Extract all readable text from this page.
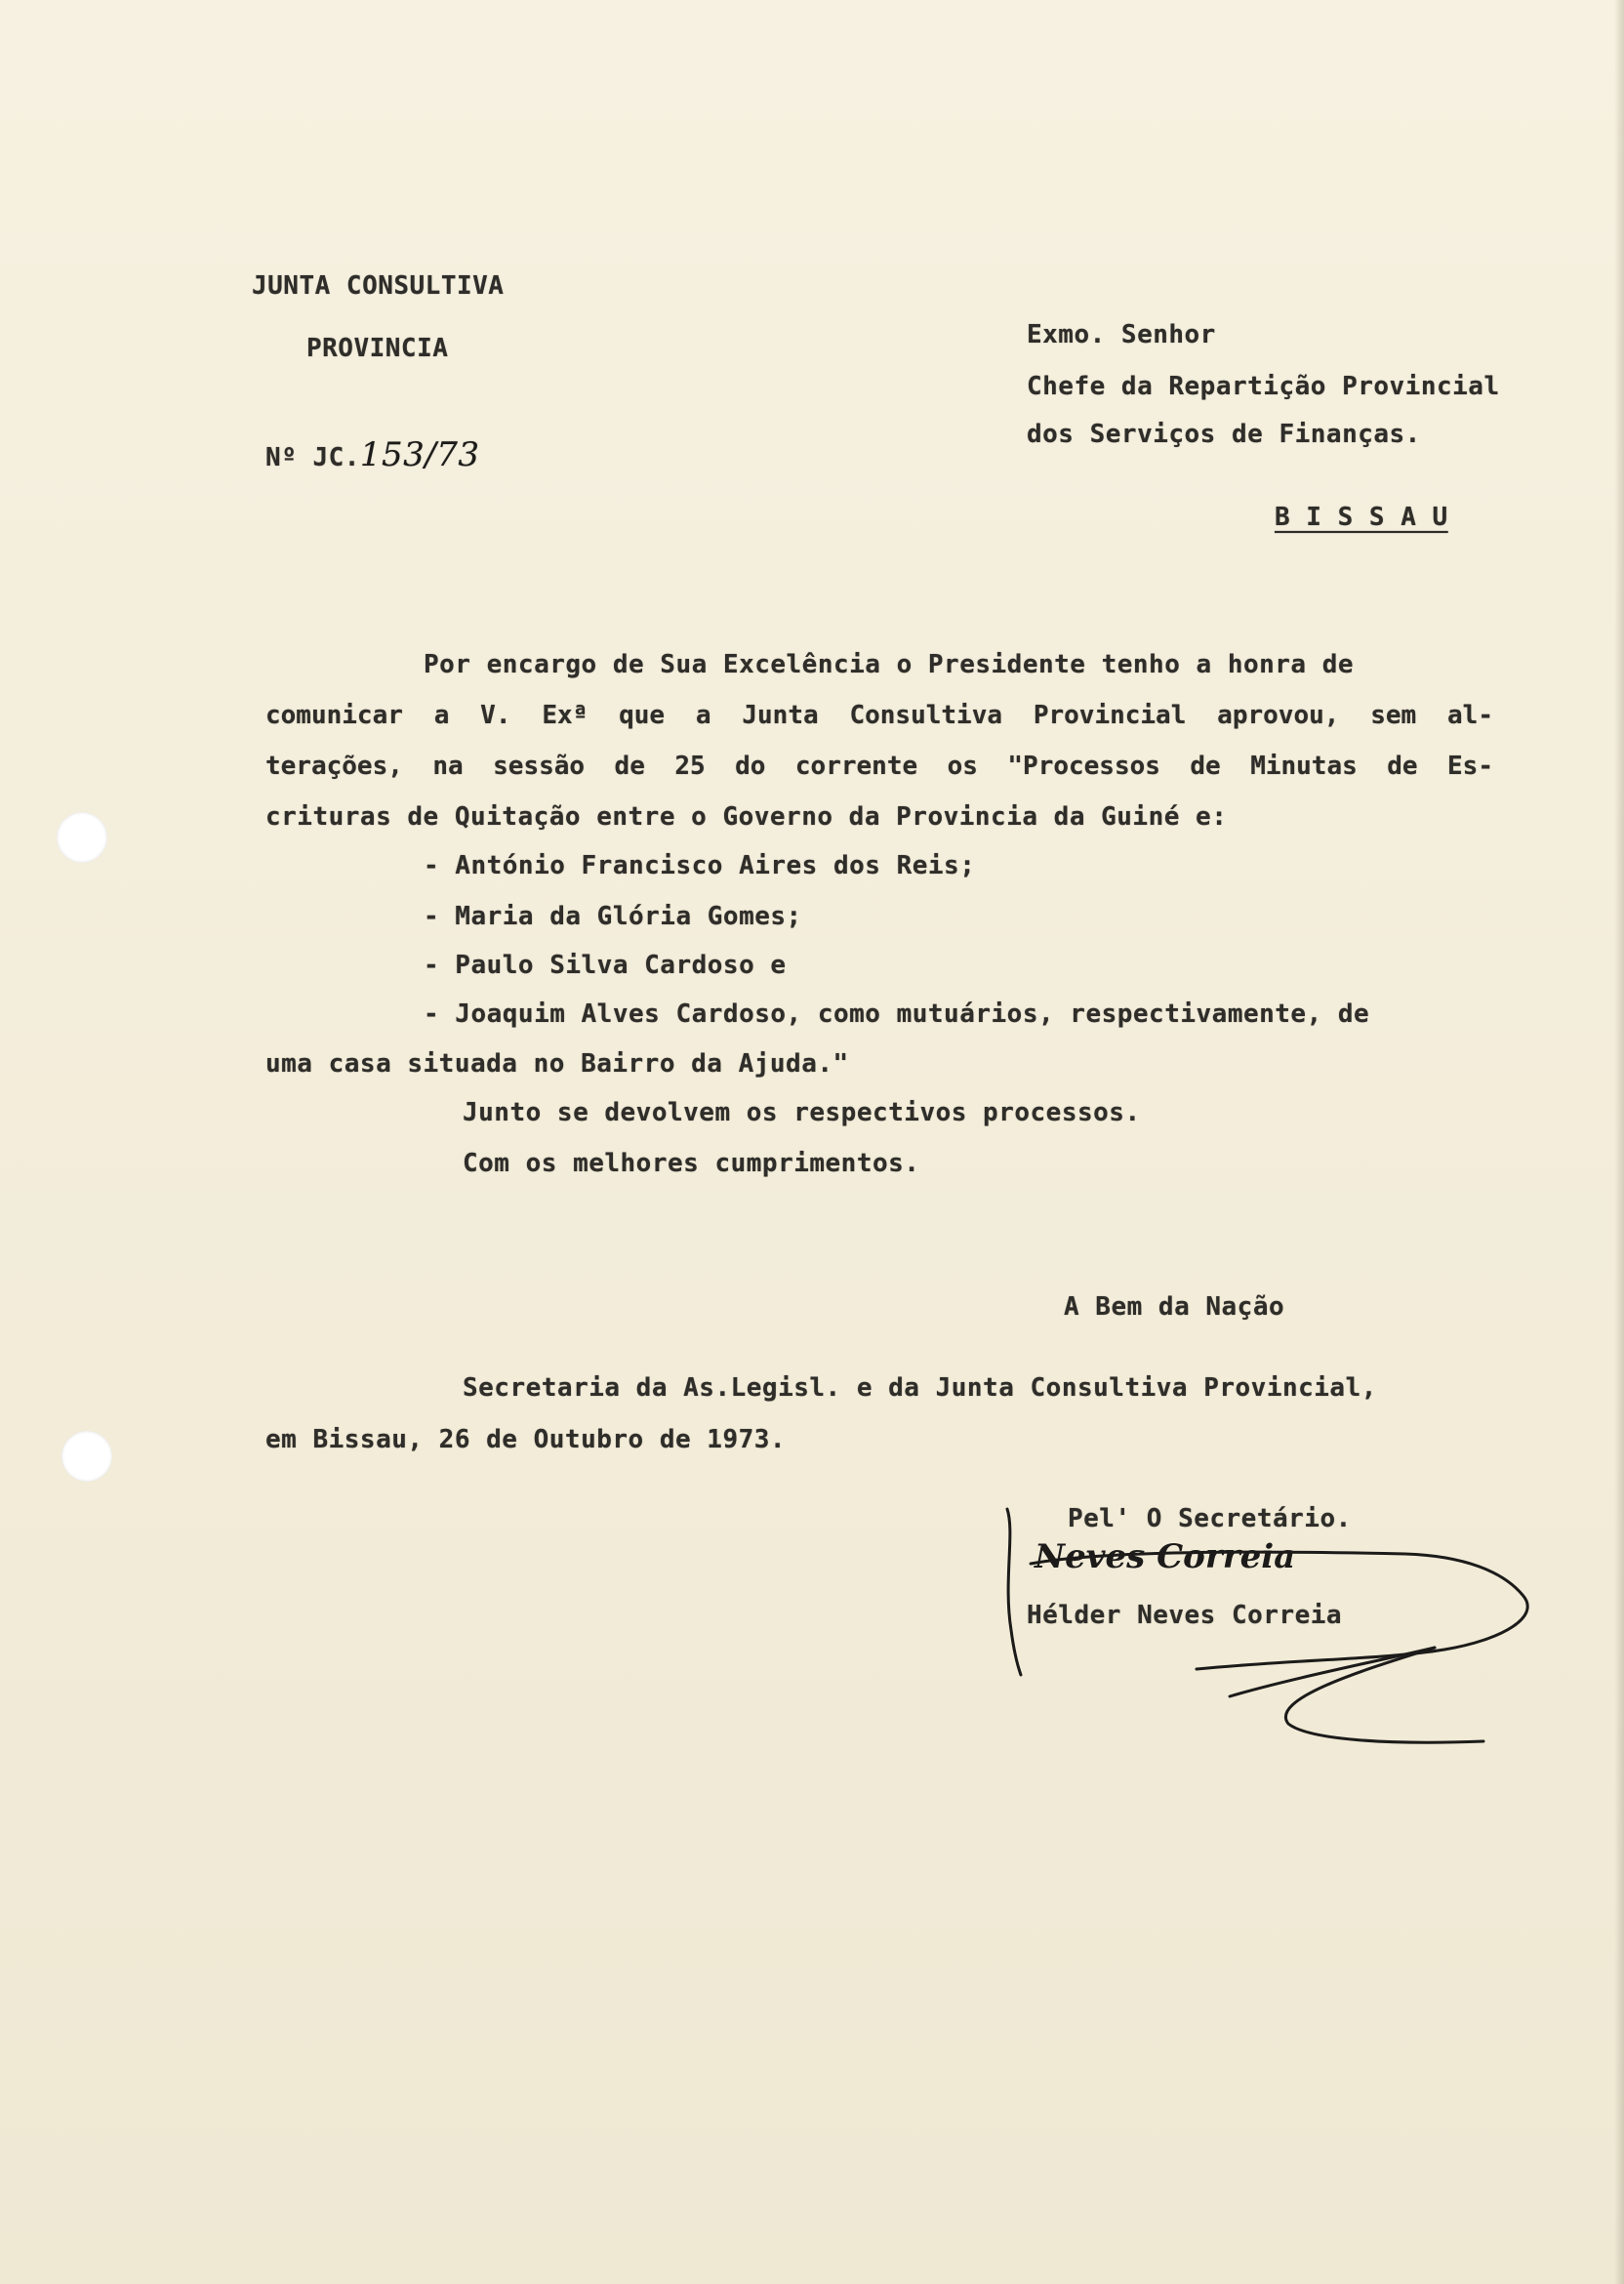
JUNTA CONSULTIVA
PROVINCIA
Nº JC.153/73
Exmo. Senhor
Chefe da Repartição Provincial
dos Serviços de Finanças.
B I S S A U
Por encargo de Sua Excelência o Presidente tenho a honra de
comunicar a V. Exª que a Junta Consultiva Provincial aprovou, sem al-
terações, na sessão de 25 do corrente os "Processos de Minutas de Es-
crituras de Quitação entre o Governo da Provincia da Guiné e:
- António Francisco Aires dos Reis;
- Maria da Glória Gomes;
- Paulo Silva Cardoso e
- Joaquim Alves Cardoso, como mutuários, respectivamente, de
uma casa situada no Bairro da Ajuda."
Junto se devolvem os respectivos processos.
Com os melhores cumprimentos.
A Bem da Nação
Secretaria da As.Legisl. e da Junta Consultiva Provincial,
em Bissau, 26 de Outubro de 1973.
Pel' O Secretário.
Neves Correia
Hélder Neves Correia
